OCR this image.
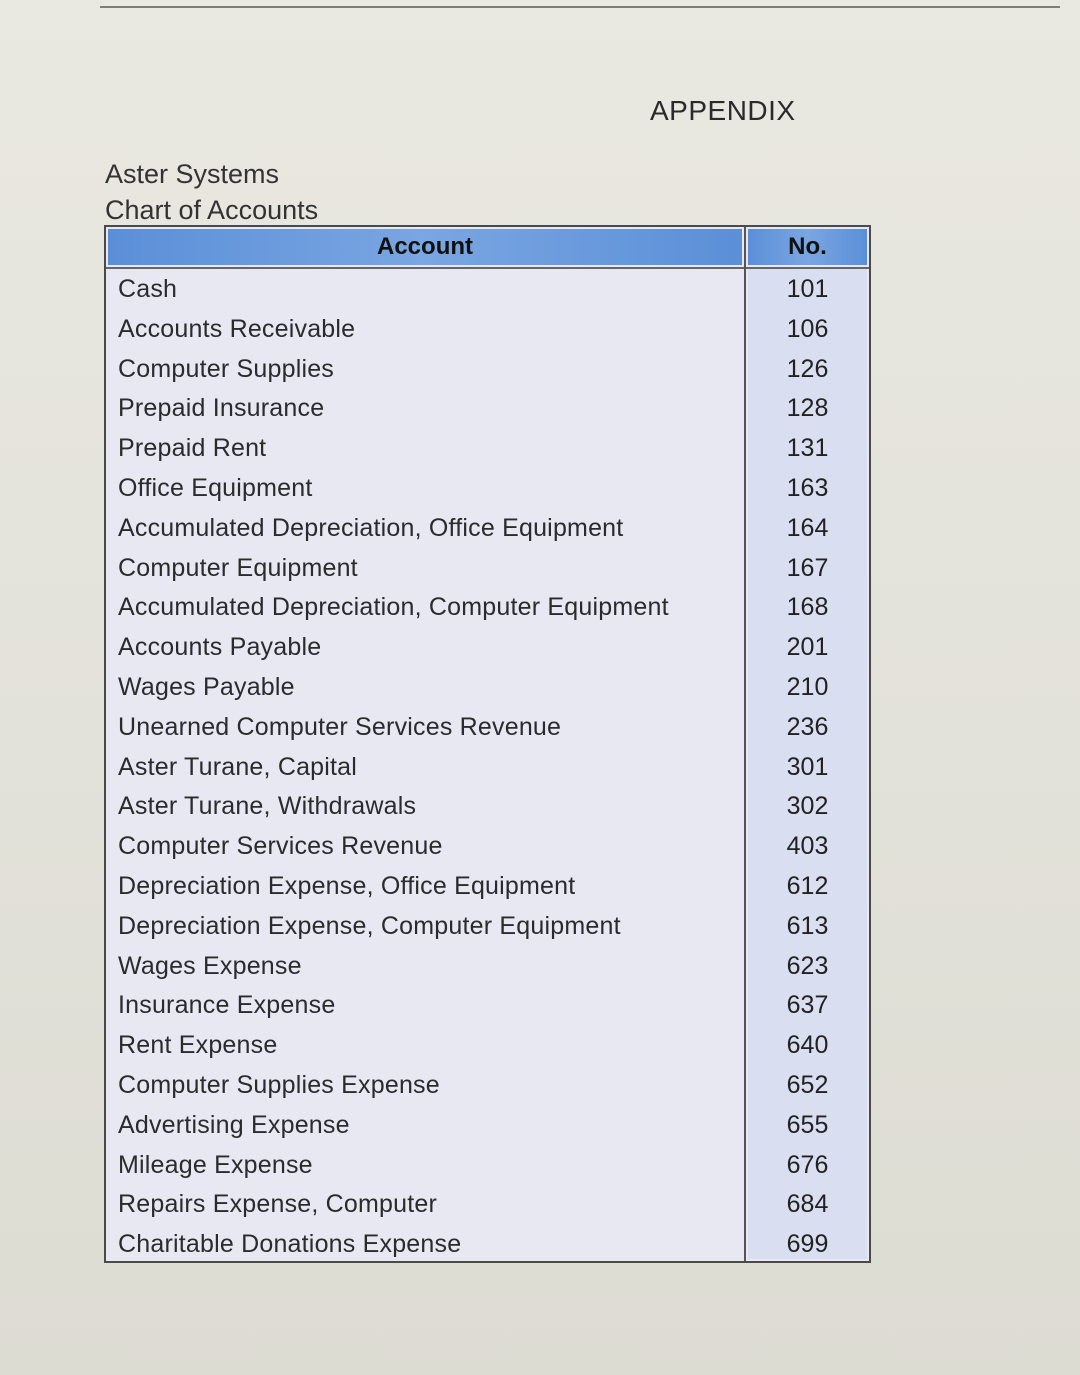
APPENDIX
Aster Systems
Chart of Accounts
Account	No.
Cash	101
Accounts Receivable	106
Computer Supplies	126
Prepaid Insurance	128
Prepaid Rent	131
Office Equipment	163
Accumulated Depreciation, Office Equipment	164
Computer Equipment	167
Accumulated Depreciation, Computer Equipment	168
Accounts Payable	201
Wages Payable	210
Unearned Computer Services Revenue	236
Aster Turane, Capital	301
Aster Turane, Withdrawals	302
Computer Services Revenue	403
Depreciation Expense, Office Equipment	612
Depreciation Expense, Computer Equipment	613
Wages Expense	623
Insurance Expense	637
Rent Expense	640
Computer Supplies Expense	652
Advertising Expense	655
Mileage Expense	676
Repairs Expense, Computer	684
Charitable Donations Expense	699
